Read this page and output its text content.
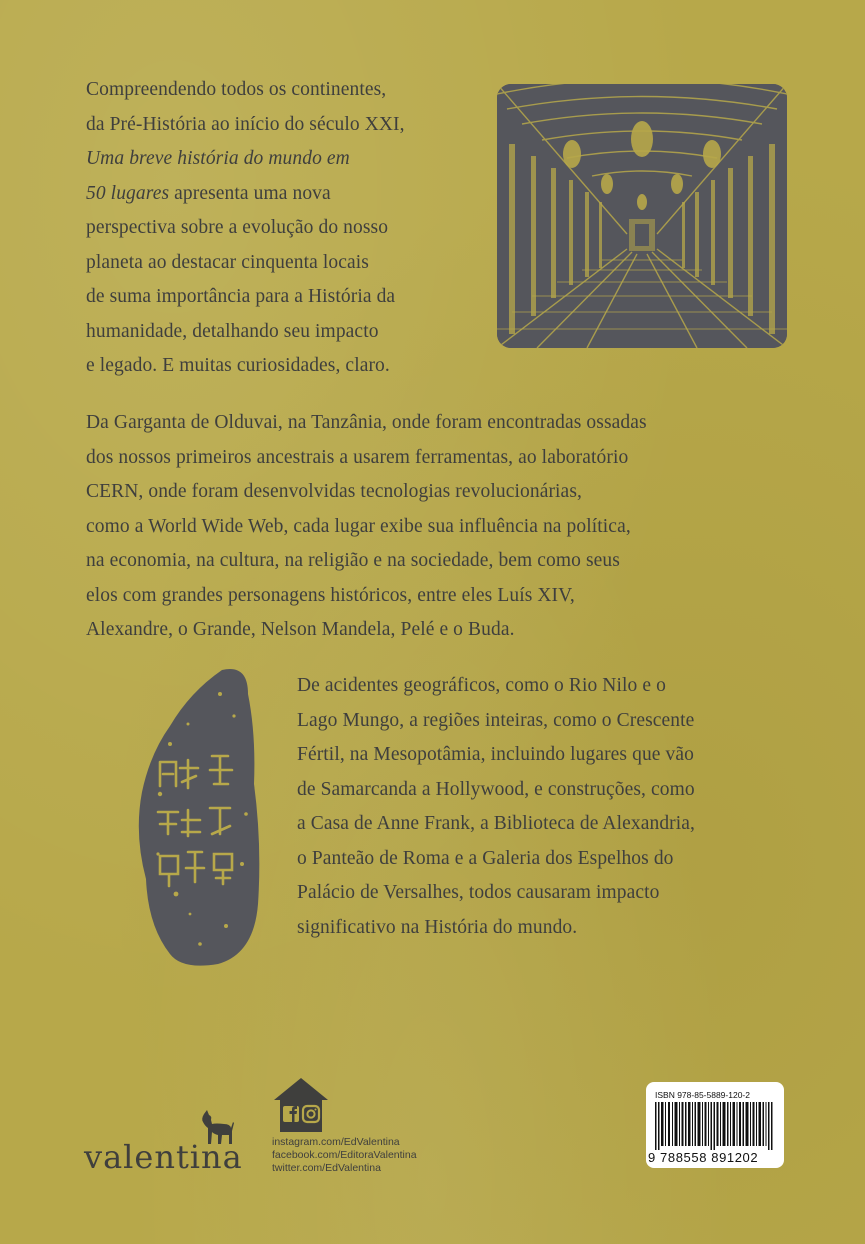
Compreendendo todos os continentes,
da Pré-História ao início do século XXI,
Uma breve história do mundo em
50 lugares apresenta uma nova
perspectiva sobre a evolução do nosso
planeta ao destacar cinquenta locais
de suma importância para a História da
humanidade, detalhando seu impacto
e legado. E muitas curiosidades, claro.
Da Garganta de Olduvai, na Tanzânia, onde foram encontradas ossadas
dos nossos primeiros ancestrais a usarem ferramentas, ao laboratório
CERN, onde foram desenvolvidas tecnologias revolucionárias,
como a World Wide Web, cada lugar exibe sua influência na política,
na economia, na cultura, na religião e na sociedade, bem como seus
elos com grandes personagens históricos, entre eles Luís XIV,
Alexandre, o Grande, Nelson Mandela, Pelé e o Buda.
De acidentes geográficos, como o Rio Nilo e o
Lago Mungo, a regiões inteiras, como o Crescente
Fértil, na Mesopotâmia, incluindo lugares que vão
de Samarcanda a Hollywood, e construções, como
a Casa de Anne Frank, a Biblioteca de Alexandria,
o Panteão de Roma e a Galeria dos Espelhos do
Palácio de Versalhes, todos causaram impacto
significativo na História do mundo.
valentina	instagram.com/EdValentina
facebook.com/EditoraValentina
twitter.com/EdValentina
ISBN 978-85-5889-120-2
9 788558 891202
